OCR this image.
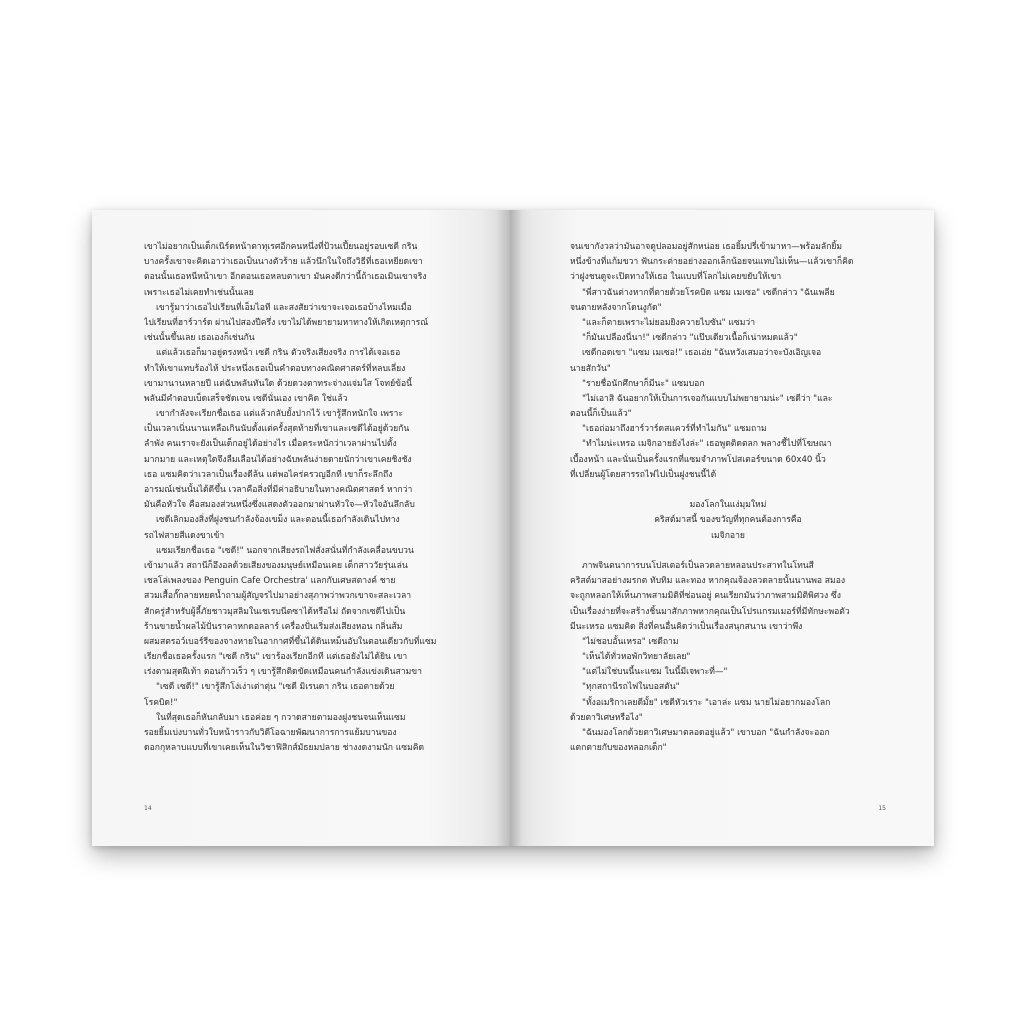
เขาไม่อยากเป็นเด็กเนิร์ดหน้าตาทุเรศอีกคนหนึ่งที่ป้วนเปี้ยนอยู่รอบเซดี กริน

บางครั้งเขาจะคิดเอาว่าเธอเป็นนางตัวร้าย แล้วนึกในใจถึงวิธีที่เธอเหยียดเขา

ตอนนั้นเธอหนีหน้าเขา อีกตอนเธอหลบตาเขา มันคงดีกว่านี้ถ้าเธอเมินเขาจริง

เพราะเธอไม่เคยทำเช่นนั้นเลย

เขารู้มาว่าเธอไปเรียนที่เอ็มไอที และสงสัยว่าเขาจะเจอเธอบ้างไหมเมื่อ

ไปเรียนที่ฮาร์วาร์ด ผ่านไปสองปีครึ่ง เขาไม่ได้พยายามหาทางให้เกิดเหตุการณ์

เช่นนั้นขึ้นเลย เธอเองก็เช่นกัน

แต่แล้วเธอก็มาอยู่ตรงหน้า เซดี กริน ตัวจริงเสียงจริง การได้เจอเธอ

ทำให้เขาแทบร้องไห้ ประหนึ่งเธอเป็นคำตอบทางคณิตศาสตร์ที่หลบเลี่ยง

เขามานานหลายปี แต่ฉับพลันทันใด ด้วยดวงตาทระจ่างแจ่มใส โจทย์ข้อนี้

พลันมีคำตอบเบ็ดเสร็จชัดเจน เซดีนั่นเอง เขาคิด ใช่แล้ว

เขากำลังจะเรียกชื่อเธอ แต่แล้วกลับยั้งปากไว้ เขารู้สึกหนักใจ เพราะ

เป็นเวลาเนิ่นนานเหลือเกินนับตั้งแต่ครั้งสุดท้ายที่เขาและเซดีได้อยู่ด้วยกัน

ลำพัง คนเราจะยังเป็นเด็กอยู่ได้อย่างไร เมื่อตระหนักว่าเวลาผ่านไปตั้ง

มากมาย และเหตุใดจึงลืมเลือนได้อย่างฉับพลันง่ายดายนักว่าเขาเคยชิงชัง

เธอ แซมคิดว่าเวลาเป็นเรื่องดีล้น แต่พอไคร่ครวญอีกที เขาก็ระลึกถึง

อารมณ์เช่นนั้นได้ดีขึ้น เวลาคือสิ่งที่มีค่าอธิบายในทางคณิตศาสตร์ หากว่า

มันคือหัวใจ คือสมองส่วนหนึ่งซึ่งแสดงตัวออกมาผ่านหัวใจ—หัวใจอันลึกลับ

เซดีเลิกมองสิ่งที่ฝูงชนกำลังจ้องเขม็ง และตอนนี้เธอกำลังเดินไปทาง

รถไฟสายสีแดงขาเข้า

แซมเรียกชื่อเธอ "เซดี!" นอกจากเสียงรถไฟสั่งสนั่นที่กำลังเคลื่อนขบวน

เข้ามาแล้ว สถานีก็อึงอลด้วยเสียงของมนุษย์เหมือนเคย เด็กสาววัยรุ่นเล่น

เชลโล่เพลงของ Penguin Cafe Orchestra' แลกกับเศษสตางค์ ชาย

สวมเสื้อกั๊กลายหยดน้ำถามผู้สัญจรไปมาอย่างสุภาพว่าพวกเขาจะสละเวลา

สักครู่สำหรับผู้ลี้ภัยชาวมุสลิมในเชเรบนีตซาได้หรือไม่ ถัดจากเซดีไปเป็น

ร้านขายน้ำผลไม้ปั่นราคาหกดอลลาร์ เครื่องปั่นเริ่มส่งเสียงหอน กลิ่นส้ม

ผสมสตรอว์เบอร์รีของจางหายในอากาศที่ขึ้นได้ดินเหม็นอับในตอนเดียวกับที่แซม

เรียกชื่อเธอครั้งแรก "เซดี กริน" เขาร้องเรียกอีกที แต่เธอยังไม่ได้ยิน เขา

เร่งตามสุดฝีเท้า ตอนก้าวเร็ว ๆ เขารู้สึกติดขัดเหมือนคนกำลังแข่งเดินสามขา

"เซดี เซดี!" เขารู้สึกโง่เง่าเต่าตุ่น "เซดี มิเรนดา กริน เธอตายด้วย

โรคบิด!"

ในที่สุดเธอก็หันกลับมา เธอค่อย ๆ กวาดสายตามองฝูงชนจนเห็นแซม

รอยยิ้มเบ่งบานทั่วใบหน้าราวกับวิดีโอฉายพัฒนาการการแย้มบานของ

ดอกกุหลาบแบบที่เขาเคยเห็นในวิชาฟิสิกส์มัธยมปลาย ช่างงดงามนัก แซมคิด

14

จนเขากังวลว่ามันอาจดูปลอมอยู่สักหน่อย เธอยิ้มปรี่เข้ามาหา—พร้อมลักยิ้ม

หนึ่งข้างที่แก้มขวา ฟันกระต่ายอย่างออกเล็กน้อยจนแทบไม่เห็น—แล้วเขาก็คิด

ว่าฝูงชนดูจะเปิดทางให้เธอ ในแบบที่โลกไม่เคยขยับให้เขา

"พี่สาวฉันต่างหากที่ตายด้วยโรคบิด แซม เมเซอ" เซดีกล่าว "ฉันเพลีย

จนตายหลังจากโดนงูกัด"

"และก็ตายเพราะไม่ยอมยิงควายไบซัน" แซมว่า

"ก็มันเปลืองนี่นา!" เซดีกล่าว "แป๊บเดียวเนื้อก็เน่าหมดแล้ว"

เซดีกอดเขา "แซม เมเซอ!" เธอเอ่ย "ฉันหวังเสมอว่าจะบังเอิญเจอ

นายสักวัน"

"รายชื่อนักศึกษาก็มีนะ" แซมบอก

"ไม่เอาสิ ฉันอยากให้เป็นการเจอกันแบบไม่พยายามน่ะ" เซดีว่า "และ

ตอนนี้ก็เป็นแล้ว"

"เธอถ่อมาถึงฮาร์วาร์ดสแควร์ที่ทำไมกัน" แซมถาม

"ทำไมน่ะเหรอ เมจิกอายยังไงล่ะ" เธอพูดติดตลก พลางชี้ไปที่โฆษณา

เบื้องหน้า และนั่นเป็นครั้งแรกที่แซมจำภาพโปสเตอร์ขนาด 60x40 นิ้ว

ที่เปลี่ยนผู้โดยสารรถไฟไปเป็นฝูงชนนี้ได้

มองโลกในแง่มุมใหม่

คริสต์มาสนี้ ของขวัญที่ทุกคนต้องการคือ

เมจิกอาย

ภาพจินตนาการบนโปสเตอร์เป็นลวดลายหลอนประสาทในโทนสี

คริสต์มาสอย่างมรกต ทับทิม และทอง หากคุณจ้องลวดลายนั้นนานพอ สมอง

จะถูกหลอกให้เห็นภาพสามมิติที่ซ่อนอยู่ คนเรียกมันว่าภาพสามมิติพิศวง ซึ่ง

เป็นเรื่องง่ายที่จะสร้างชิ้นมาสักภาพหากคุณเป็นโปรแกรมเมอร์ที่มีทักษะพอตัว

มีนะเหรอ แซมคิด สิ่งที่คนอื่นคิดว่าเป็นเรื่องสนุกสนาน เขาว่าพึง

"ไม่ชอบอั้นเหรอ" เซดีถาม

"เห็นได้ทั่วหอพักวิทยาลัยเลย"

"แต่ไม่ใช่บนนี้นะแซม ในนี้มีเจพาะที่—"

"ทุกสถานีรถไฟในบอสตัน"

"ทั้งอเมริกาเลยดีมั้ย" เซดีหัวเราะ "เอาล่ะ แซม นายไม่อยากมองโลก

ด้วยตาวิเศษหรือไง"

"ฉันมองโลกด้วยตาวิเศษมาตลอดอยู่แล้ว" เขาบอก "ฉันกำลังจะออก

แตกตายกับของหลอกเด็ก"

15
